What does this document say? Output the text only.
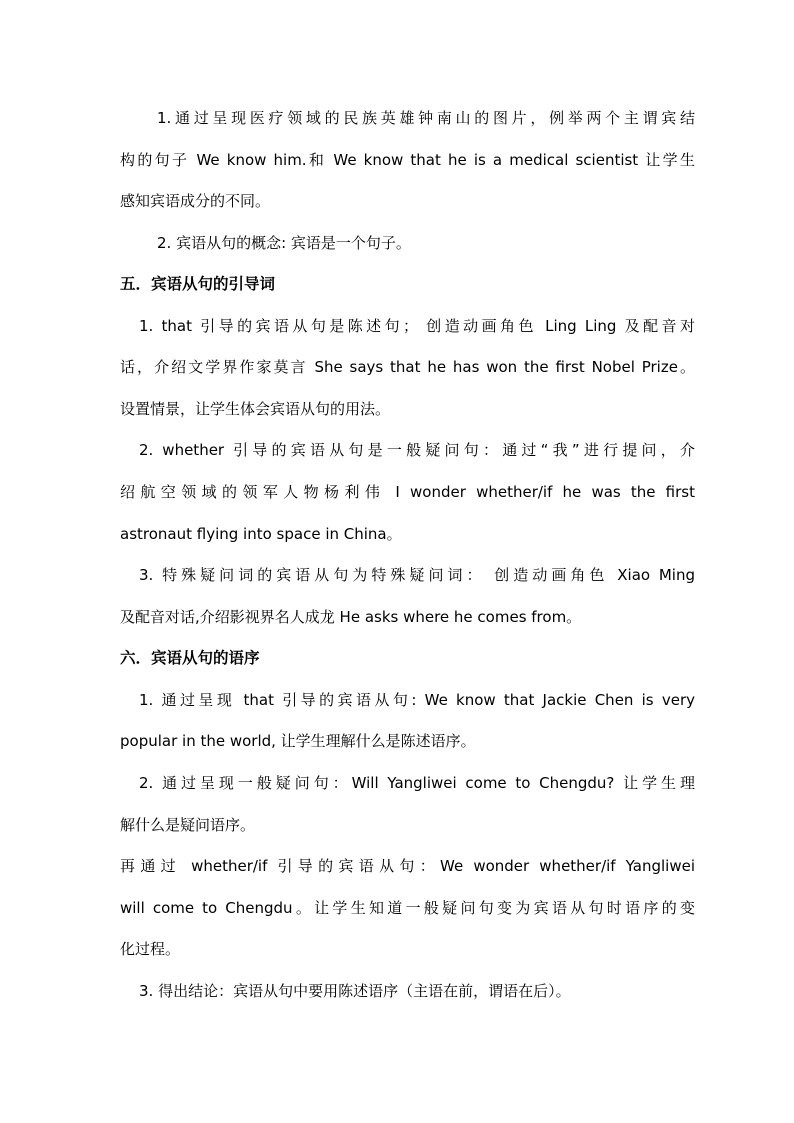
1.通过呈现医疗领域的民族英雄钟南山的图片，例举两个主谓宾结
构的句子 We know him.和 We know that he is a medical scientist 让学生
感知宾语成分的不同。
2. 宾语从句的概念: 宾语是一个句子。
五．宾语从句的引导词
1. that 引导的宾语从句是陈述句； 创造动画角色 Ling Ling 及配音对
话，介绍文学界作家莫言 She says that he has won the first Nobel Prize。
设置情景，让学生体会宾语从句的用法。
2. whether 引导的宾语从句是一般疑问句：通过“我”进行提问，介
绍航空领域的领军人物杨利伟 I wonder whether/if he was the first
astronaut flying into space in China。
3. 特殊疑问词的宾语从句为特殊疑问词： 创造动画角色 Xiao Ming
及配音对话,介绍影视界名人成龙 He asks where he comes from。
六．宾语从句的语序
1. 通过呈现 that 引导的宾语从句: We know that Jackie Chen is very
popular in the world, 让学生理解什么是陈述语序。
2. 通过呈现一般疑问句：Will Yangliwei come to Chengdu? 让学生理
解什么是疑问语序。
再通过 whether/if 引导的宾语从句：We wonder whether/if Yangliwei
will come to Chengdu。让学生知道一般疑问句变为宾语从句时语序的变
化过程。
3. 得出结论：宾语从句中要用陈述语序（主语在前，谓语在后）。
